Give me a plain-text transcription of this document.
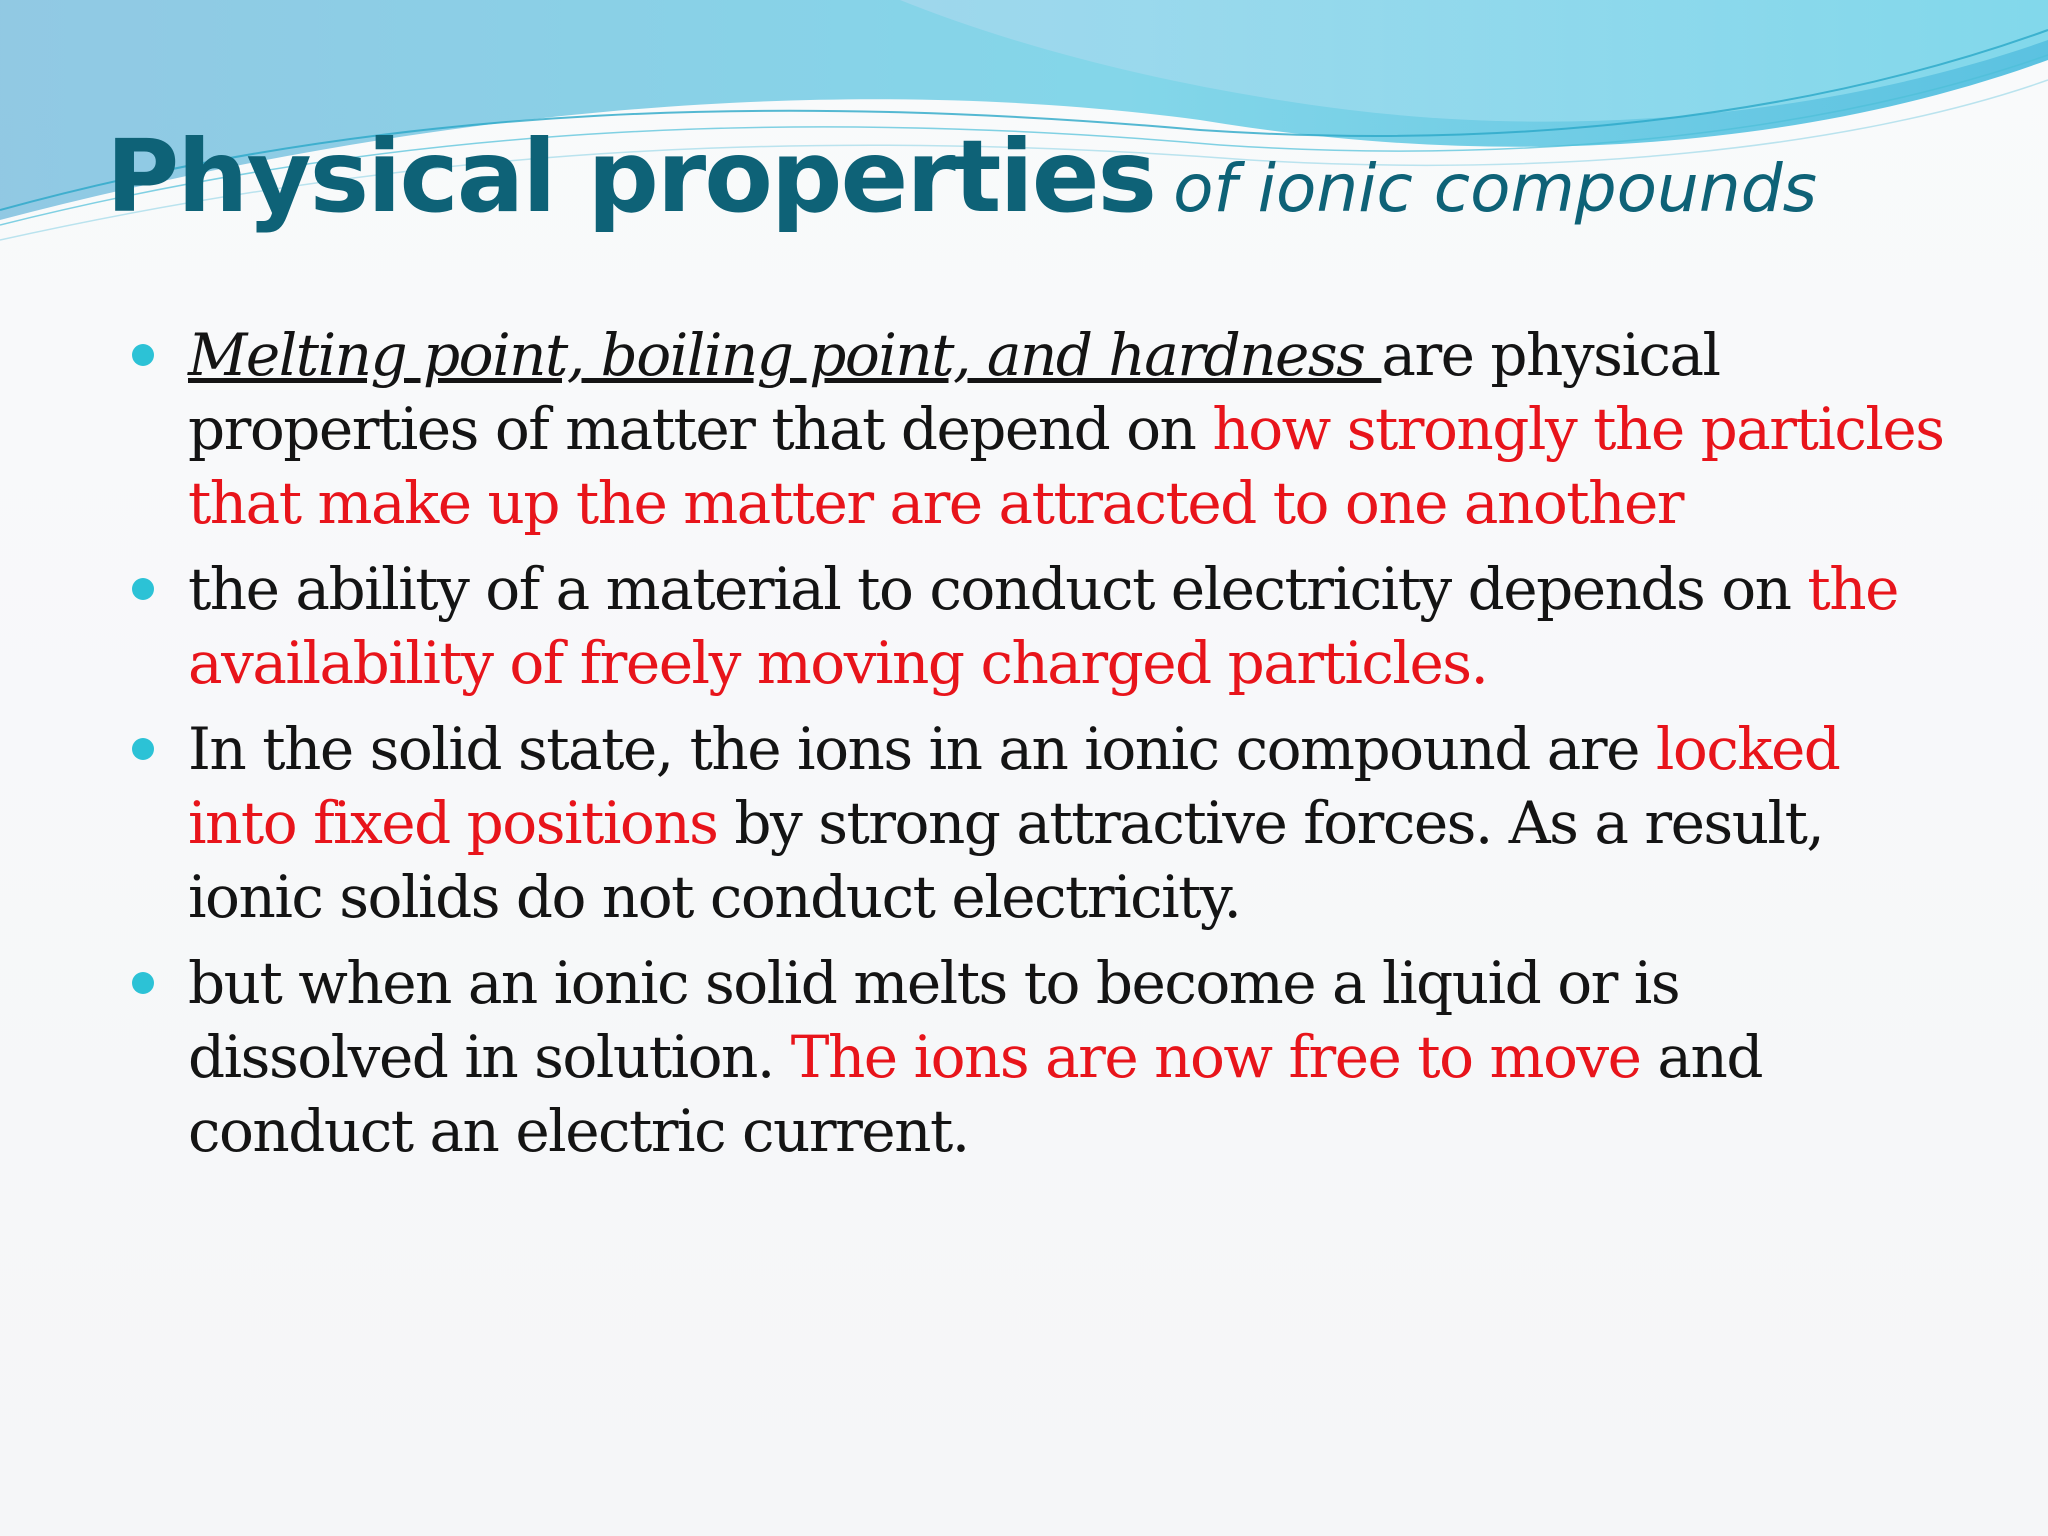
Physical properties of ionic compounds
Melting point, boiling point, and hardness are physical properties of matter that depend on how strongly the particles that make up the matter are attracted to one another
the ability of a material to conduct electricity depends on the availability of freely moving charged particles.
In the solid state, the ions in an ionic compound are locked into fixed positions by strong attractive forces. As a result, ionic solids do not conduct electricity.
but when an ionic solid melts to become a liquid or is dissolved in solution. The ions are now free to move and conduct an electric current.
